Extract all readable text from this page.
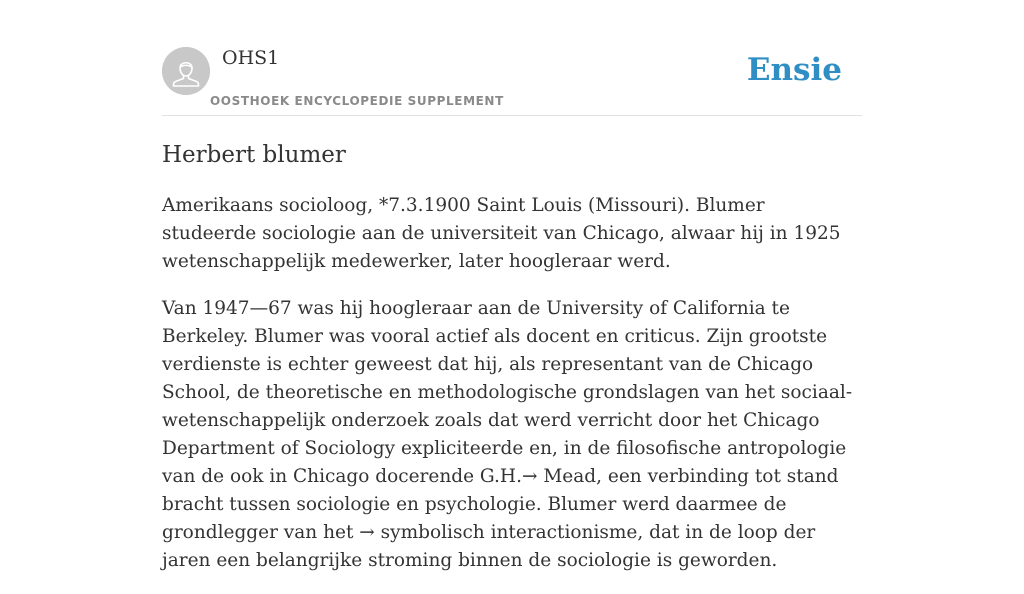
OHS1
OOSTHOEK ENCYCLOPEDIE SUPPLEMENT
Ensie
Herbert blumer

Amerikaans socioloog, *7.3.1900 Saint Louis (Missouri). Blumer studeerde sociologie aan de universiteit van Chicago, alwaar hij in 1925 wetenschappelijk medewerker, later hoogleraar werd.

Van 1947—67 was hij hoogleraar aan de University of California te Berkeley. Blumer was vooral actief als docent en criticus. Zijn grootste verdienste is echter geweest dat hij, als representant van de Chicago School, de theoretische en methodologische grondslagen van het sociaal-wetenschappelijk onderzoek zoals dat werd verricht door het Chicago Department of Sociology expliciteerde en, in de filosofische antropologie van de ook in Chicago docerende G.H.→ Mead, een verbinding tot stand bracht tussen sociologie en psychologie. Blumer werd daarmee de grondlegger van het → symbolisch interactionisme, dat in de loop der jaren een belangrijke stroming binnen de sociologie is geworden.
